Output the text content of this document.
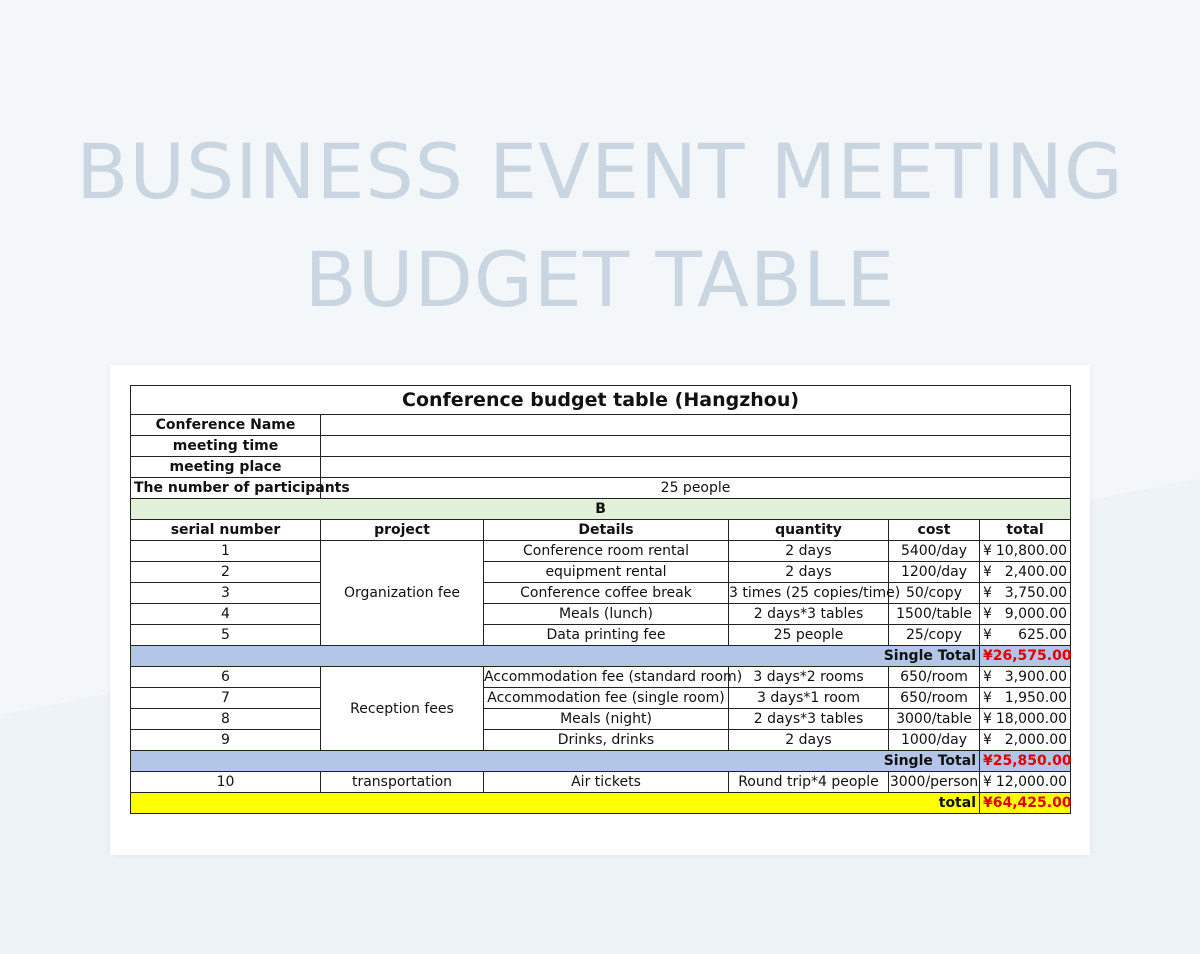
BUSINESS EVENT MEETING
BUDGET TABLE
Conference budget table (Hangzhou)					
Conference Name					
meeting time					
meeting place					
The number of participants	25 people				
B					
serial number	project	Details	quantity	cost	total
1	Organization fee	Conference room rental	2 days	5400/day	¥ 10,800.00

2		equipment rental	2 days	1200/day	¥ 2,400.00

3		Conference coffee break	3 times (25 copies/time)	50/copy	¥ 3,750.00

4		Meals (lunch)	2 days*3 tables	1500/table	¥ 9,000.00

5		Data printing fee	25 people	25/copy	¥ 625.00

Single Total					¥26,575.00
6	Reception fees	Accommodation fee (standard room)	3 days*2 rooms	650/room	¥ 3,900.00

7		Accommodation fee (single room)	3 days*1 room	650/room	¥ 1,950.00

8		Meals (night)	2 days*3 tables	3000/table	¥ 18,000.00

9		Drinks, drinks	2 days	1000/day	¥ 2,000.00

Single Total					¥25,850.00
10	transportation	Air tickets	Round trip*4 people	3000/person	¥ 12,000.00

total					¥64,425.00
